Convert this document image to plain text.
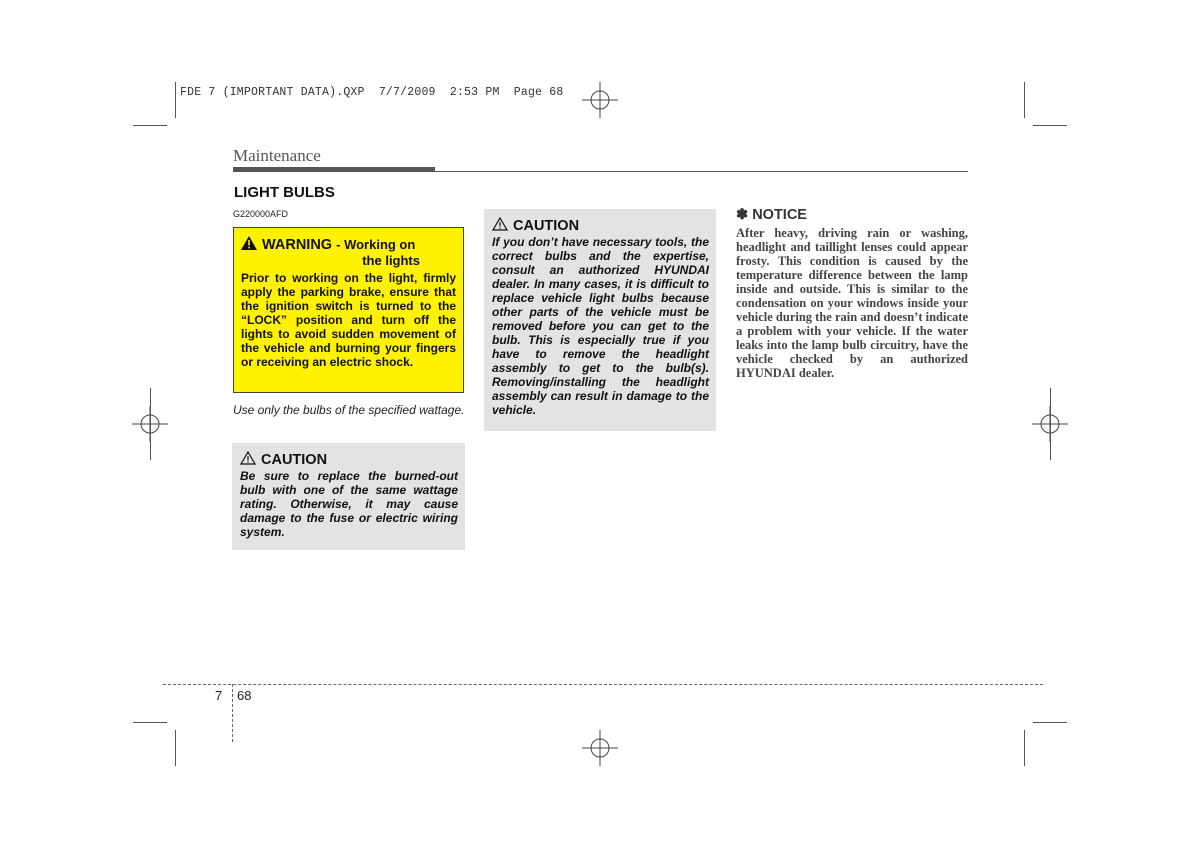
FDE 7 (IMPORTANT DATA).QXP  7/7/2009  2:53 PM  Page 68
Maintenance
LIGHT BULBS
G220000AFD
WARNING - Working on
the lights
Prior to working on the light, firmly apply the parking brake, ensure that the ignition switch is turned to the “LOCK” position and turn off the lights to avoid sudden movement of the vehicle and burning your fingers or receiving an electric shock.
Use only the bulbs of the specified wattage.
CAUTION
Be sure to replace the burned-out bulb with one of the same wattage rating. Otherwise, it may cause damage to the fuse or electric wiring system.
CAUTION
If you don’t have necessary tools, the correct bulbs and the expertise, consult an authorized HYUNDAI dealer. In many cases, it is difficult to replace vehicle light bulbs because other parts of the vehicle must be removed before you can get to the bulb. This is especially true if you have to remove the headlight assembly to get to the bulb(s). Removing/installing the headlight assembly can result in damage to the vehicle.
✽ NOTICE
After heavy, driving rain or washing, headlight and taillight lenses could appear frosty. This condition is caused by the temperature difference between the lamp inside and outside. This is similar to the condensation on your windows inside your vehicle during the rain and doesn’t indicate a problem with your vehicle. If the water leaks into the lamp bulb circuitry, have the vehicle checked by an authorized HYUNDAI dealer.
7 68
